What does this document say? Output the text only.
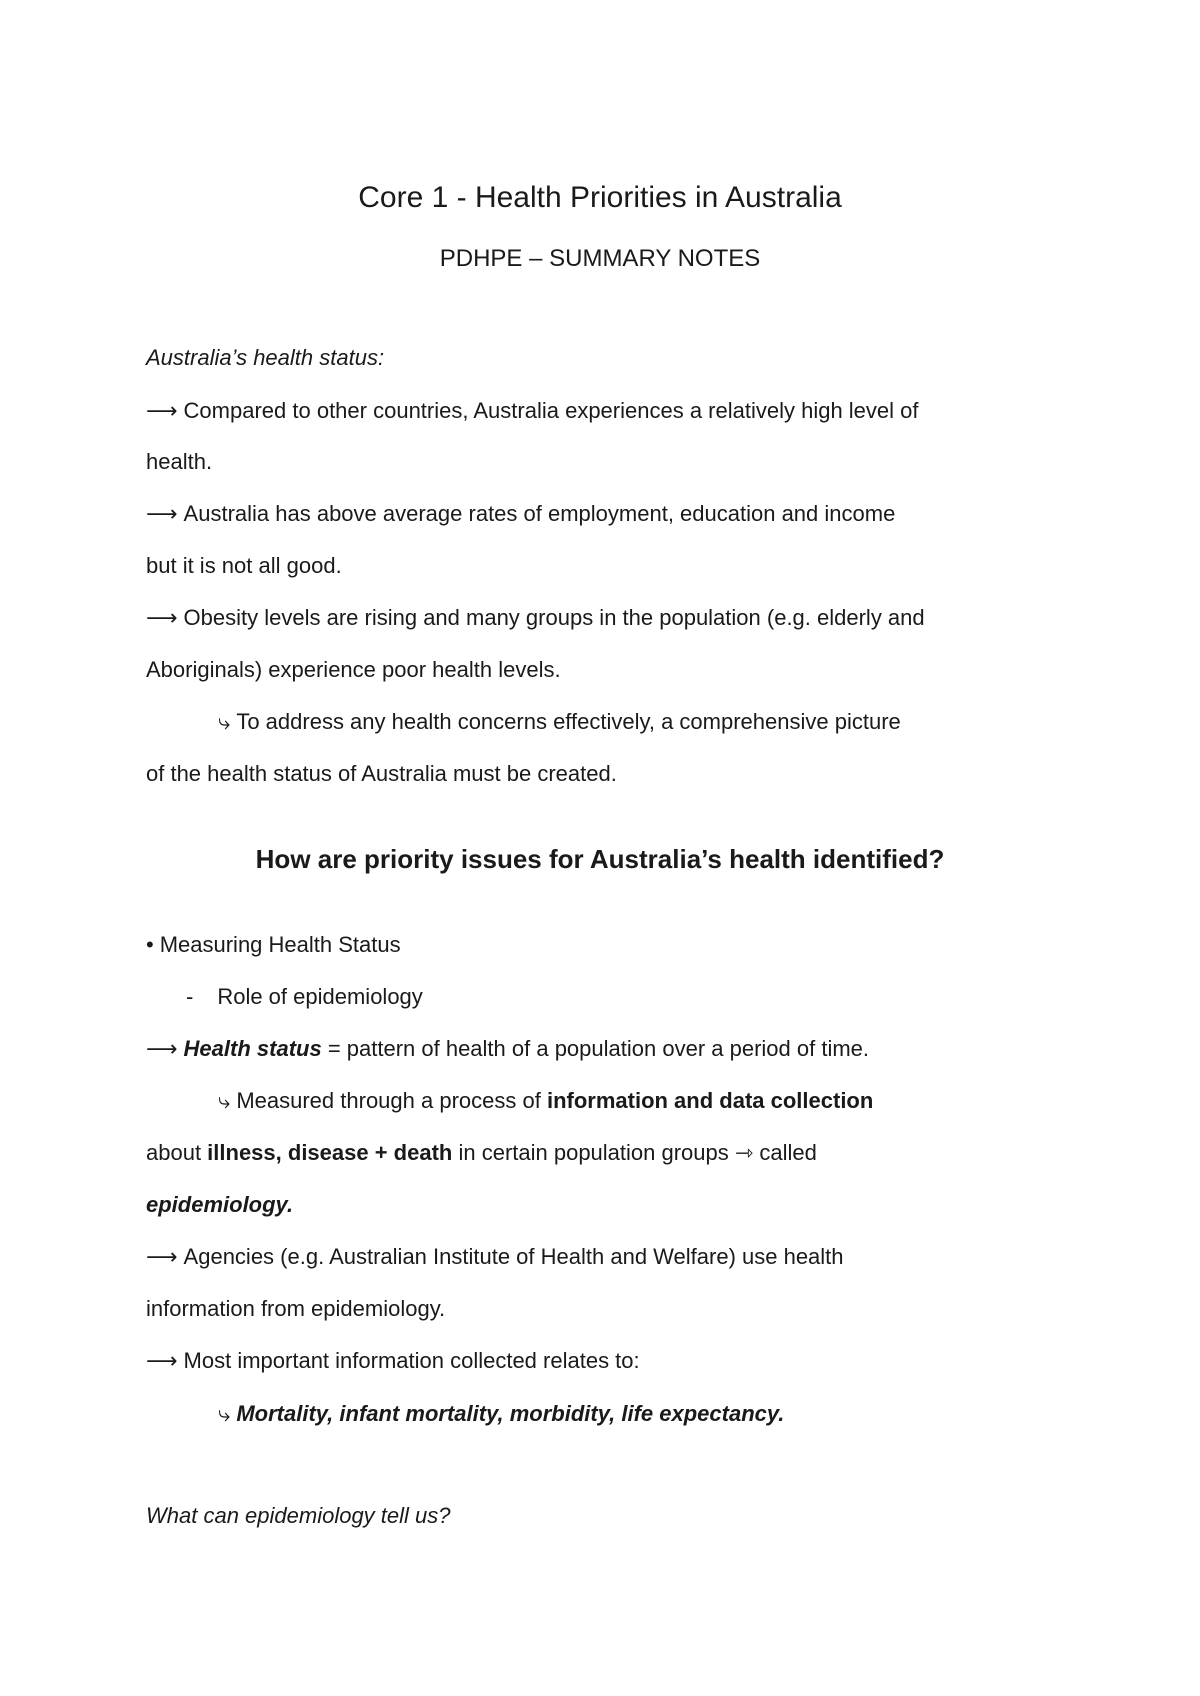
Core 1 - Health Priorities in Australia
PDHPE – SUMMARY NOTES
Australia’s health status:
⟶ Compared to other countries, Australia experiences a relatively high level of
health.
⟶ Australia has above average rates of employment, education and income
but it is not all good.
⟶ Obesity levels are rising and many groups in the population (e.g. elderly and
Aboriginals) experience poor health levels.
⤷ To address any health concerns effectively, a comprehensive picture
of the health status of Australia must be created.
How are priority issues for Australia’s health identified?
• Measuring Health Status
- Role of epidemiology
⟶ Health status = pattern of health of a population over a period of time.
⤷ Measured through a process of information and data collection
about illness, disease + death in certain population groups ⇾ called
epidemiology.
⟶ Agencies (e.g. Australian Institute of Health and Welfare) use health
information from epidemiology.
⟶ Most important information collected relates to:
⤷ Mortality, infant mortality, morbidity, life expectancy.
What can epidemiology tell us?
